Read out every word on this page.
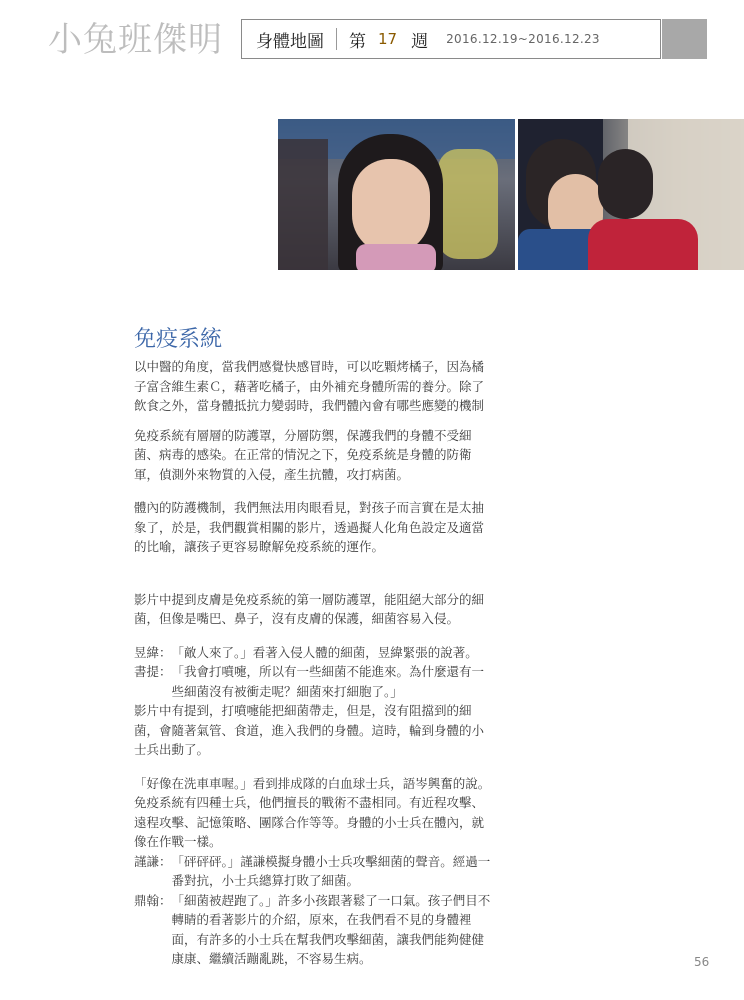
小兔班傑明 身體地圖 第 17 週 2016.12.19~2016.12.23
免疫系統

以中醫的角度，當我們感覺快感冒時，可以吃顆烤橘子，因為橘子富含維生素Ｃ，藉著吃橘子，由外補充身體所需的養分。除了飲食之外，當身體抵抗力變弱時，我們體內會有哪些應變的機制

免疫系統有層層的防護罩，分層防禦，保護我們的身體不受細菌、病毒的感染。在正常的情況之下，免疫系統是身體的防衛軍，偵測外來物質的入侵，產生抗體，攻打病菌。

體內的防護機制，我們無法用肉眼看見，對孩子而言實在是太抽象了，於是，我們觀賞相關的影片，透過擬人化角色設定及適當的比喻，讓孩子更容易瞭解免疫系統的運作。

影片中提到皮膚是免疫系統的第一層防護罩，能阻絕大部分的細菌，但像是嘴巴、鼻子，沒有皮膚的保護，細菌容易入侵。

昱緯： 「敵人來了。」看著入侵人體的細菌，昱緯緊張的說著。
書提： 「我會打噴嚏，所以有一些細菌不能進來。為什麼還有一些細菌沒有被衝走呢？細菌來打細胞了。」

影片中有提到，打噴嚏能把細菌帶走，但是，沒有阻擋到的細菌，會隨著氣管、食道，進入我們的身體。這時，輪到身體的小士兵出動了。

「好像在洗車車喔。」看到排成隊的白血球士兵，語岑興奮的說。免疫系統有四種士兵，他們擅長的戰術不盡相同。有近程攻擊、遠程攻擊、記憶策略、團隊合作等等。身體的小士兵在體內，就像在作戰一樣。

謹謙： 「砰砰砰。」謹謙模擬身體小士兵攻擊細菌的聲音。經過一番對抗，小士兵總算打敗了細菌。
鼎翰： 「細菌被趕跑了。」許多小孩跟著鬆了一口氣。孩子們目不轉睛的看著影片的介紹，原來，在我們看不見的身體裡面，有許多的小士兵在幫我們攻擊細菌，讓我們能夠健健康康、繼續活蹦亂跳，不容易生病。	56
